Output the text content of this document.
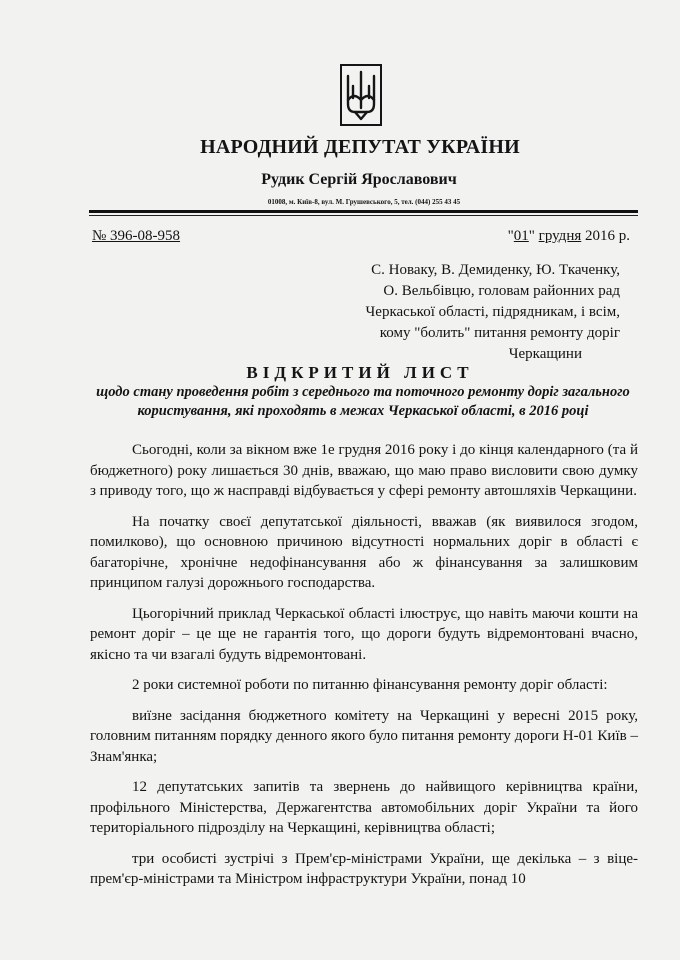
НАРОДНИЙ ДЕПУТАТ УКРАЇНИ
Рудик Сергій Ярославович
01008, м. Київ-8, вул. М. Грушевського, 5, тел. (044) 255 43 45
№ 396-08-958	"01" грудня 2016 р.
С. Новаку, В. Демиденку, Ю. Ткаченку,
О. Вельбівцю, головам районних рад
Черкаської області, підрядникам, і всім,
кому "болить" питання ремонту доріг
Черкащини
ВІДКРИТИЙ ЛИСТ
щодо стану проведення робіт з середнього та поточного ремонту доріг загального користування, які проходять в межах Черкаської області, в 2016 році

Сьогодні, коли за вікном вже 1е грудня 2016 року і до кінця календарного (та й бюджетного) року лишається 30 днів, вважаю, що маю право висловити свою думку з приводу того, що ж насправді відбувається у сфері ремонту автошляхів Черкащини.

На початку своєї депутатської діяльності, вважав (як виявилося згодом, помилково), що основною причиною відсутності нормальних доріг в області є багаторічне, хронічне недофінансування або ж фінансування за залишковим принципом галузі дорожнього господарства.

Цьогорічний приклад Черкаської області ілюструє, що навіть маючи кошти на ремонт доріг – це ще не гарантія того, що дороги будуть відремонтовані вчасно, якісно та чи взагалі будуть відремонтовані.

2 роки системної роботи по питанню фінансування ремонту доріг області:

виїзне засідання бюджетного комітету на Черкащині у вересні 2015 року, головним питанням порядку денного якого було питання ремонту дороги Н-01 Київ – Знам'янка;

12 депутатських запитів та звернень до найвищого керівництва країни, профільного Міністерства, Держагентства автомобільних доріг України та його територіального підрозділу на Черкащині, керівництва області;

три особисті зустрічі з Прем'єр-міністрами України, ще декілька – з віце-прем'єр-міністрами та Міністром інфраструктури України, понад 10
